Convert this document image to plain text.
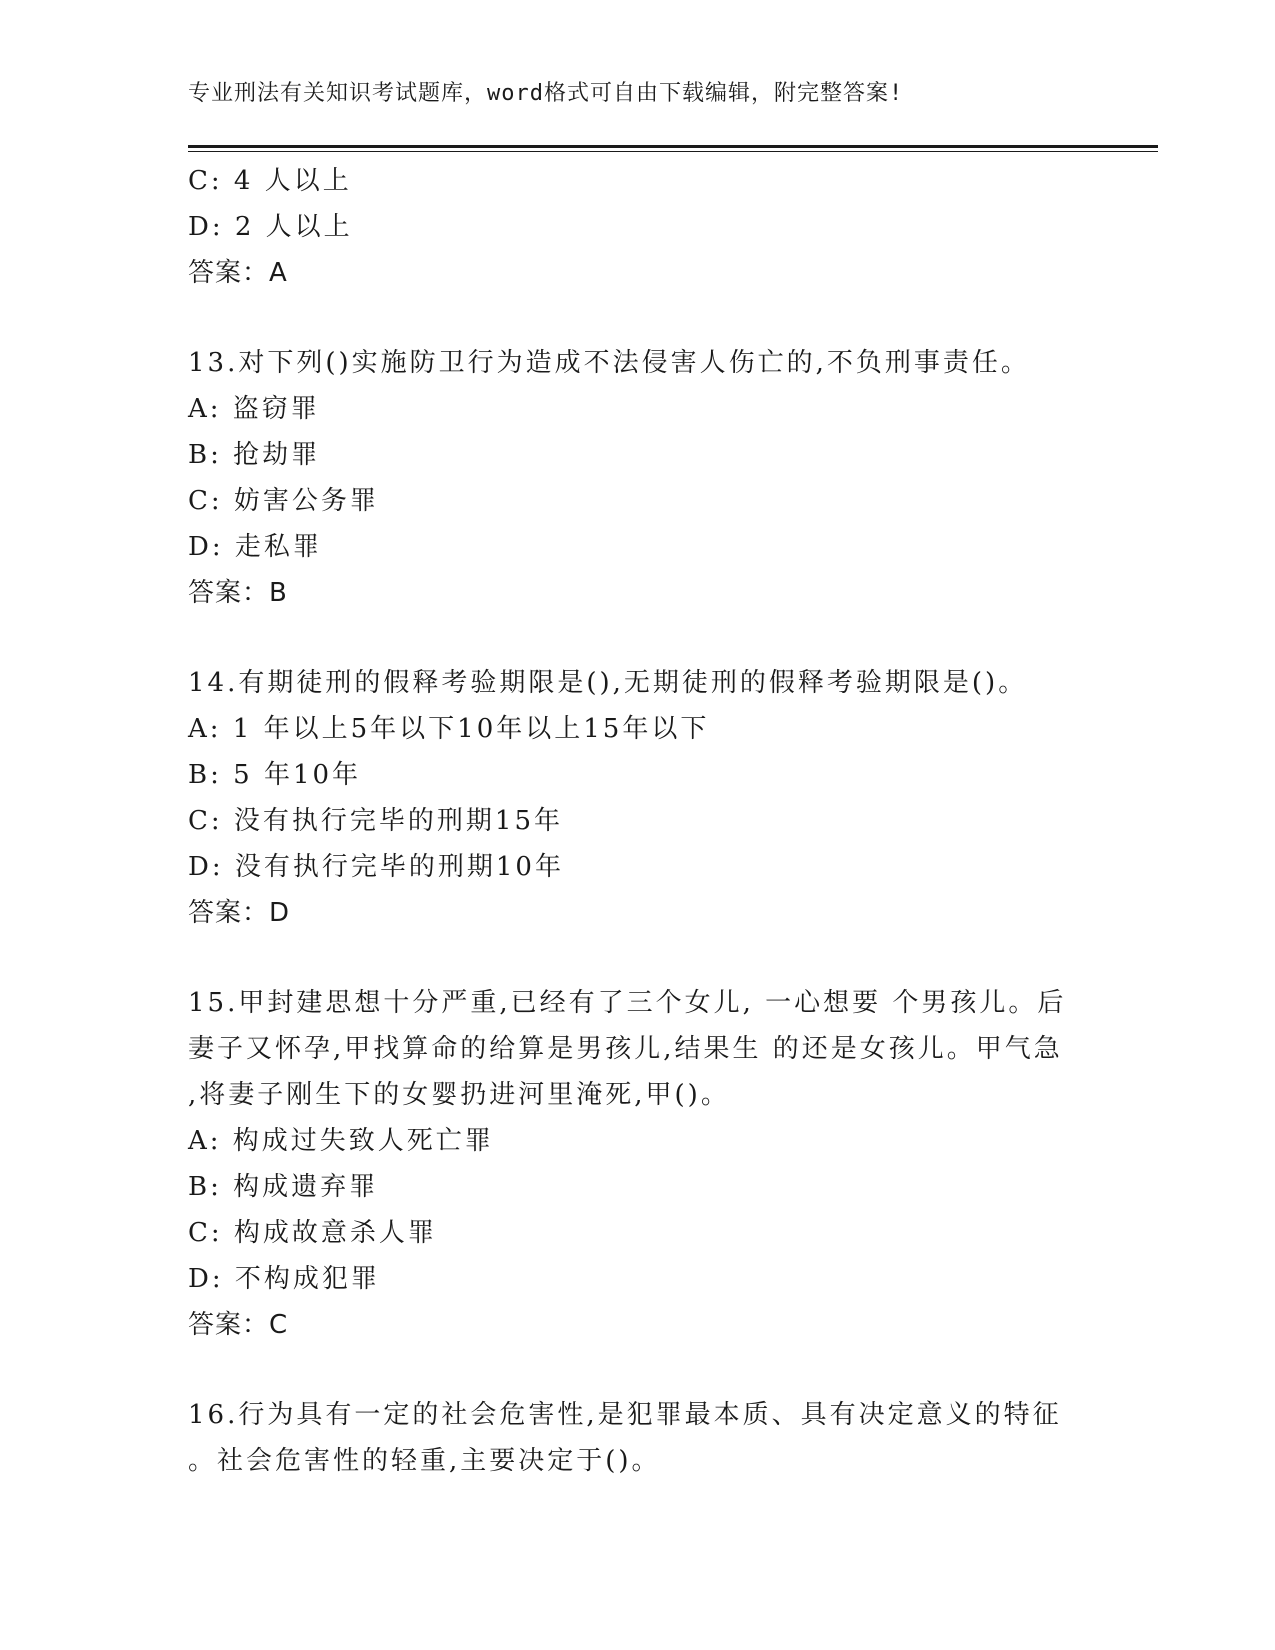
专业刑法有关知识考试题库，word格式可自由下载编辑，附完整答案!
C: 4 人以上
D: 2 人以上
答案：A
13.对下列()实施防卫行为造成不法侵害人伤亡的,不负刑事责任。
A: 盗窃罪
B: 抢劫罪
C: 妨害公务罪
D: 走私罪
答案：B
14.有期徒刑的假释考验期限是(),无期徒刑的假释考验期限是()。
A: 1 年以上5年以下10年以上15年以下
B: 5 年10年
C: 没有执行完毕的刑期15年
D: 没有执行完毕的刑期10年
答案：D
15.甲封建思想十分严重,已经有了三个女儿, 一心想要 个男孩儿。后
妻子又怀孕,甲找算命的给算是男孩儿,结果生 的还是女孩儿。甲气急
,将妻子刚生下的女婴扔进河里淹死,甲()。
A: 构成过失致人死亡罪
B: 构成遗弃罪
C: 构成故意杀人罪
D: 不构成犯罪
答案：C
16.行为具有一定的社会危害性,是犯罪最本质、具有决定意义的特征
。社会危害性的轻重,主要决定于()。
